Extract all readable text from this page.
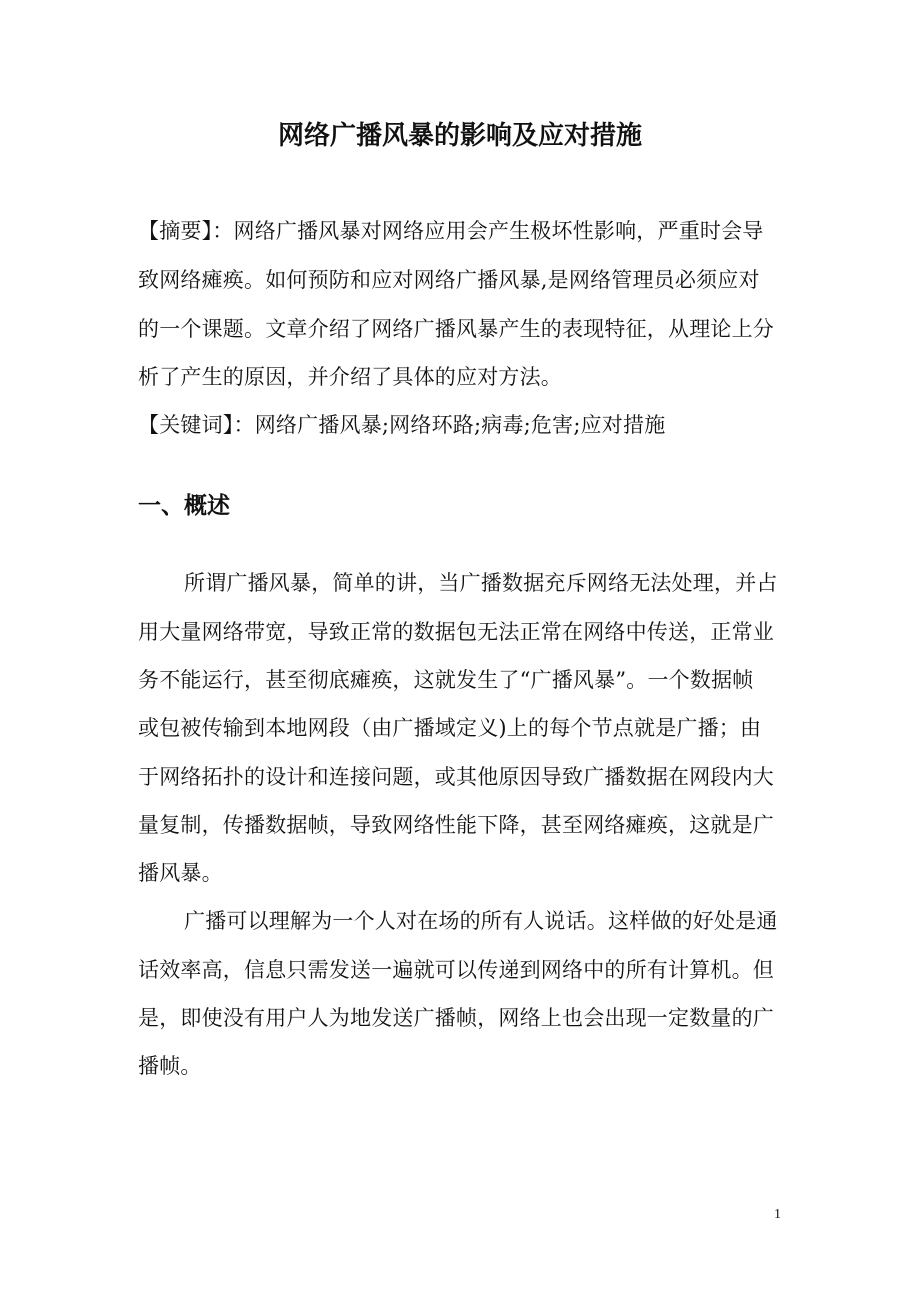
网络广播风暴的影响及应对措施
【摘要】：网络广播风暴对网络应用会产生极坏性影响，严重时会导
致网络瘫痪。如何预防和应对网络广播风暴,是网络管理员必须应对
的一个课题。文章介绍了网络广播风暴产生的表现特征，从理论上分
析了产生的原因，并介绍了具体的应对方法。
【关键词】：网络广播风暴;网络环路;病毒;危害;应对措施
一、概述
所谓广播风暴，简单的讲，当广播数据充斥网络无法处理，并占
用大量网络带宽，导致正常的数据包无法正常在网络中传送，正常业
务不能运行，甚至彻底瘫痪，这就发生了“广播风暴”。一个数据帧
或包被传输到本地网段（由广播域定义)上的每个节点就是广播；由
于网络拓扑的设计和连接问题，或其他原因导致广播数据在网段内大
量复制，传播数据帧，导致网络性能下降，甚至网络瘫痪，这就是广
播风暴。
广播可以理解为一个人对在场的所有人说话。这样做的好处是通
话效率高，信息只需发送一遍就可以传递到网络中的所有计算机。但
是，即使没有用户人为地发送广播帧，网络上也会出现一定数量的广
播帧。
1
